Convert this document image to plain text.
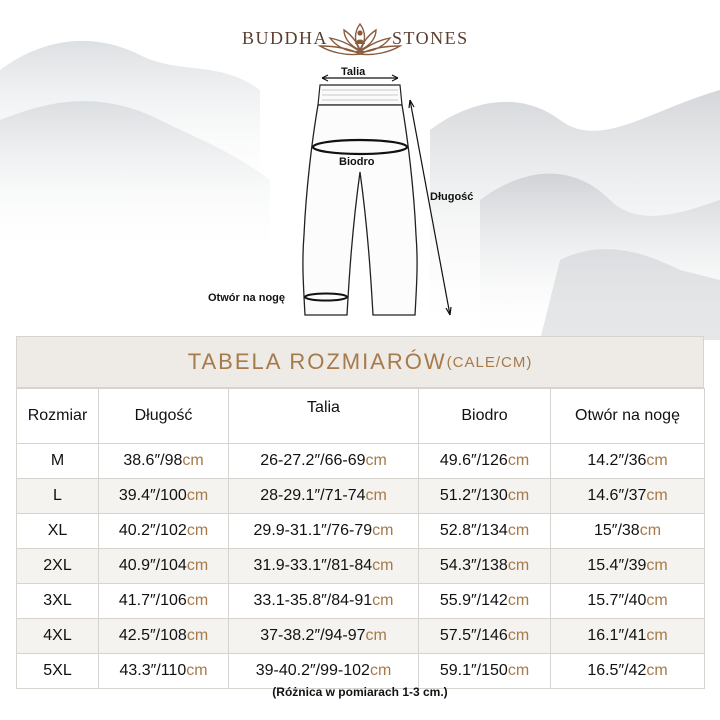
BUDDHA	STONES
Talia
Biodro
Długość
Otwór na nogę
TABELA ROZMIARÓW (CALE/CM)
Rozmiar	Długość	Talia	Biodro	Otwór na nogę
M	38.6″/98cm	26-27.2″/66-69cm	49.6″/126cm	14.2″/36cm
L	39.4″/100cm	28-29.1″/71-74cm	51.2″/130cm	14.6″/37cm
XL	40.2″/102cm	29.9-31.1″/76-79cm	52.8″/134cm	15″/38cm
2XL	40.9″/104cm	31.9-33.1″/81-84cm	54.3″/138cm	15.4″/39cm
3XL	41.7″/106cm	33.1-35.8″/84-91cm	55.9″/142cm	15.7″/40cm
4XL	42.5″/108cm	37-38.2″/94-97cm	57.5″/146cm	16.1″/41cm
5XL	43.3″/110cm	39-40.2″/99-102cm	59.1″/150cm	16.5″/42cm
(Różnica w pomiarach 1-3 cm.)
